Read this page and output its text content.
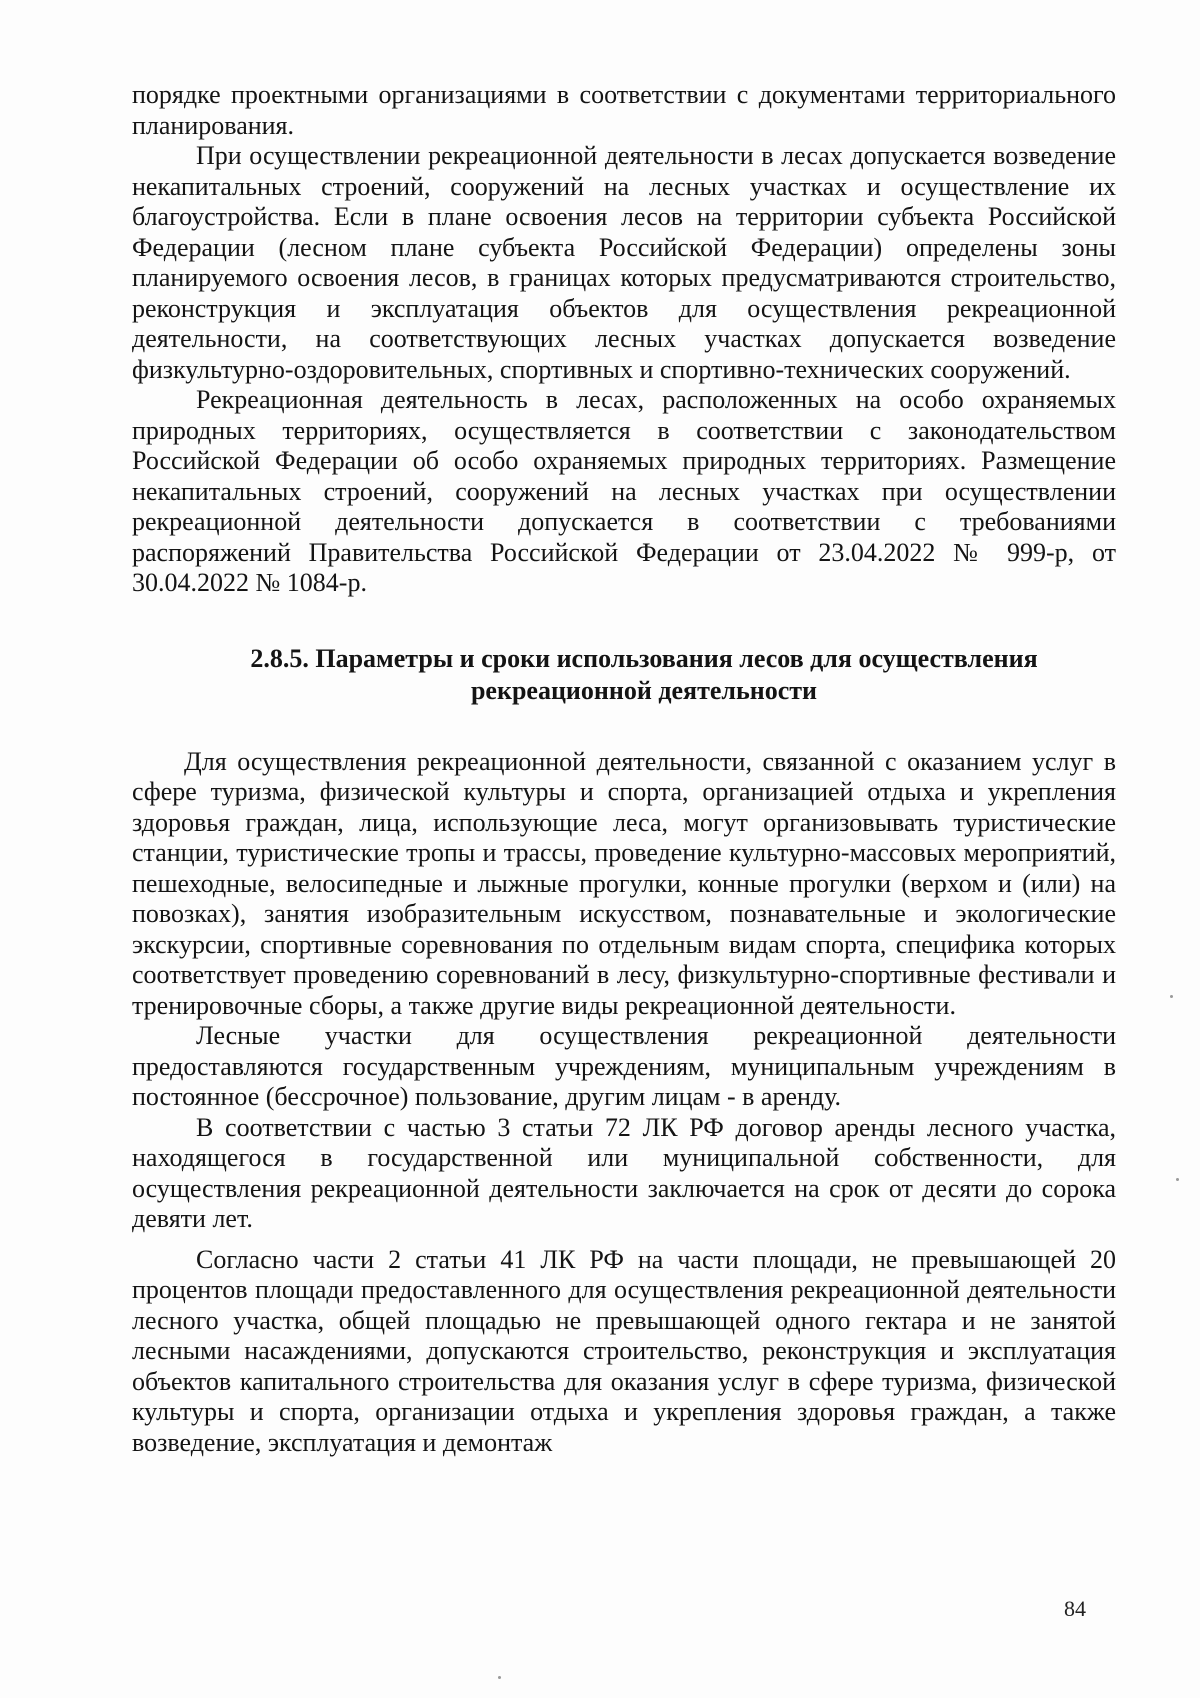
порядке проектными организациями в соответствии с документами территориального планирования.

При осуществлении рекреационной деятельности в лесах допускается возведение некапитальных строений, сооружений на лесных участках и осуществление их благоустройства. Если в плане освоения лесов на территории субъекта Российской Федерации (лесном плане субъекта Российской Федерации) определены зоны планируемого освоения лесов, в границах которых предусматриваются строительство, реконструкция и эксплуатация объектов для осуществления рекреационной деятельности, на соответствующих лесных участках допускается возведение физкультурно-оздоровительных, спортивных и спортивно-технических сооружений.

Рекреационная деятельность в лесах, расположенных на особо охраняемых природных территориях, осуществляется в соответствии с законодательством Российской Федерации об особо охраняемых природных территориях. Размещение некапитальных строений, сооружений на лесных участках при осуществлении рекреационной деятельности допускается в соответствии с требованиями распоряжений Правительства Российской Федерации от 23.04.2022 № 999-р, от 30.04.2022 № 1084-р.

2.8.5. Параметры и сроки использования лесов для осуществления
рекреационной деятельности

Для осуществления рекреационной деятельности, связанной с оказанием услуг в сфере туризма, физической культуры и спорта, организацией отдыха и укрепления здоровья граждан, лица, использующие леса, могут организовывать туристические станции, туристические тропы и трассы, проведение культурно-массовых мероприятий, пешеходные, велосипедные и лыжные прогулки, конные прогулки (верхом и (или) на повозках), занятия изобразительным искусством, познавательные и экологические экскурсии, спортивные соревнования по отдельным видам спорта, специфика которых соответствует проведению соревнований в лесу, физкультурно-спортивные фестивали и тренировочные сборы, а также другие виды рекреационной деятельности.

Лесные участки для осуществления рекреационной деятельности предоставляются государственным учреждениям, муниципальным учреждениям в постоянное (бессрочное) пользование, другим лицам - в аренду.

В соответствии с частью 3 статьи 72 ЛК РФ договор аренды лесного участка, находящегося в государственной или муниципальной собственности, для осуществления рекреационной деятельности заключается на срок от десяти до сорока девяти лет.

Согласно части 2 статьи 41 ЛК РФ на части площади, не превышающей 20 процентов площади предоставленного для осуществления рекреационной деятельности лесного участка, общей площадью не превышающей одного гектара и не занятой лесными насаждениями, допускаются строительство, реконструкция и эксплуатация объектов капитального строительства для оказания услуг в сфере туризма, физической культуры и спорта, организации отдыха и укрепления здоровья граждан, а также возведение, эксплуатация и демонтаж

84
